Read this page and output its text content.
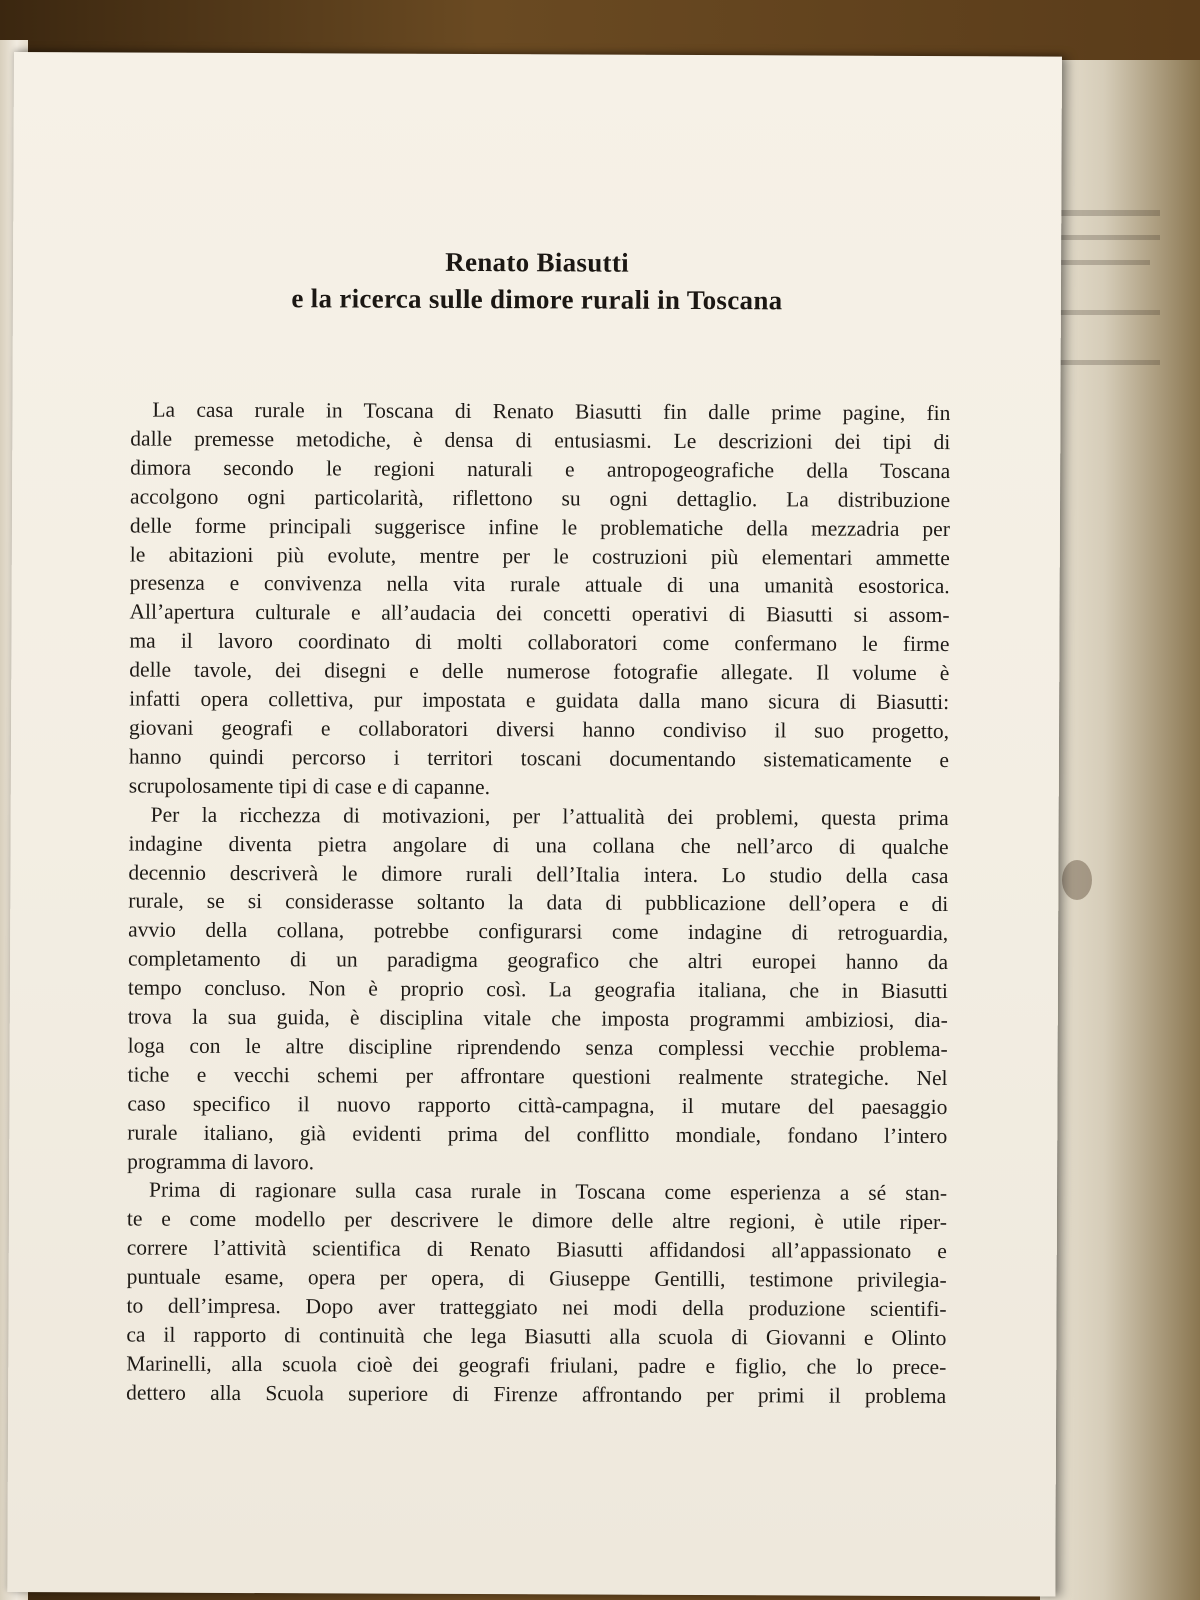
Renato Biasutti
e la ricerca sulle dimore rurali in Toscana
La casa rurale in Toscana di Renato Biasutti fin dalle prime pagine, fin
dalle premesse metodiche, è densa di entusiasmi. Le descrizioni dei tipi di
dimora secondo le regioni naturali e antropogeografiche della Toscana
accolgono ogni particolarità, riflettono su ogni dettaglio. La distribuzione
delle forme principali suggerisce infine le problematiche della mezzadria per
le abitazioni più evolute, mentre per le costruzioni più elementari ammette
presenza e convivenza nella vita rurale attuale di una umanità esostorica.
All’apertura culturale e all’audacia dei concetti operativi di Biasutti si assom-
ma il lavoro coordinato di molti collaboratori come confermano le firme
delle tavole, dei disegni e delle numerose fotografie allegate. Il volume è
infatti opera collettiva, pur impostata e guidata dalla mano sicura di Biasutti:
giovani geografi e collaboratori diversi hanno condiviso il suo progetto,
hanno quindi percorso i territori toscani documentando sistematicamente e
scrupolosamente tipi di case e di capanne.
Per la ricchezza di motivazioni, per l’attualità dei problemi, questa prima
indagine diventa pietra angolare di una collana che nell’arco di qualche
decennio descriverà le dimore rurali dell’Italia intera. Lo studio della casa
rurale, se si considerasse soltanto la data di pubblicazione dell’opera e di
avvio della collana, potrebbe configurarsi come indagine di retroguardia,
completamento di un paradigma geografico che altri europei hanno da
tempo concluso. Non è proprio così. La geografia italiana, che in Biasutti
trova la sua guida, è disciplina vitale che imposta programmi ambiziosi, dia-
loga con le altre discipline riprendendo senza complessi vecchie problema-
tiche e vecchi schemi per affrontare questioni realmente strategiche. Nel
caso specifico il nuovo rapporto città-campagna, il mutare del paesaggio
rurale italiano, già evidenti prima del conflitto mondiale, fondano l’intero
programma di lavoro.
Prima di ragionare sulla casa rurale in Toscana come esperienza a sé stan-
te e come modello per descrivere le dimore delle altre regioni, è utile riper-
correre l’attività scientifica di Renato Biasutti affidandosi all’appassionato e
puntuale esame, opera per opera, di Giuseppe Gentilli, testimone privilegia-
to dell’impresa. Dopo aver tratteggiato nei modi della produzione scientifi-
ca il rapporto di continuità che lega Biasutti alla scuola di Giovanni e Olinto
Marinelli, alla scuola cioè dei geografi friulani, padre e figlio, che lo prece-
dettero alla Scuola superiore di Firenze affrontando per primi il problema
